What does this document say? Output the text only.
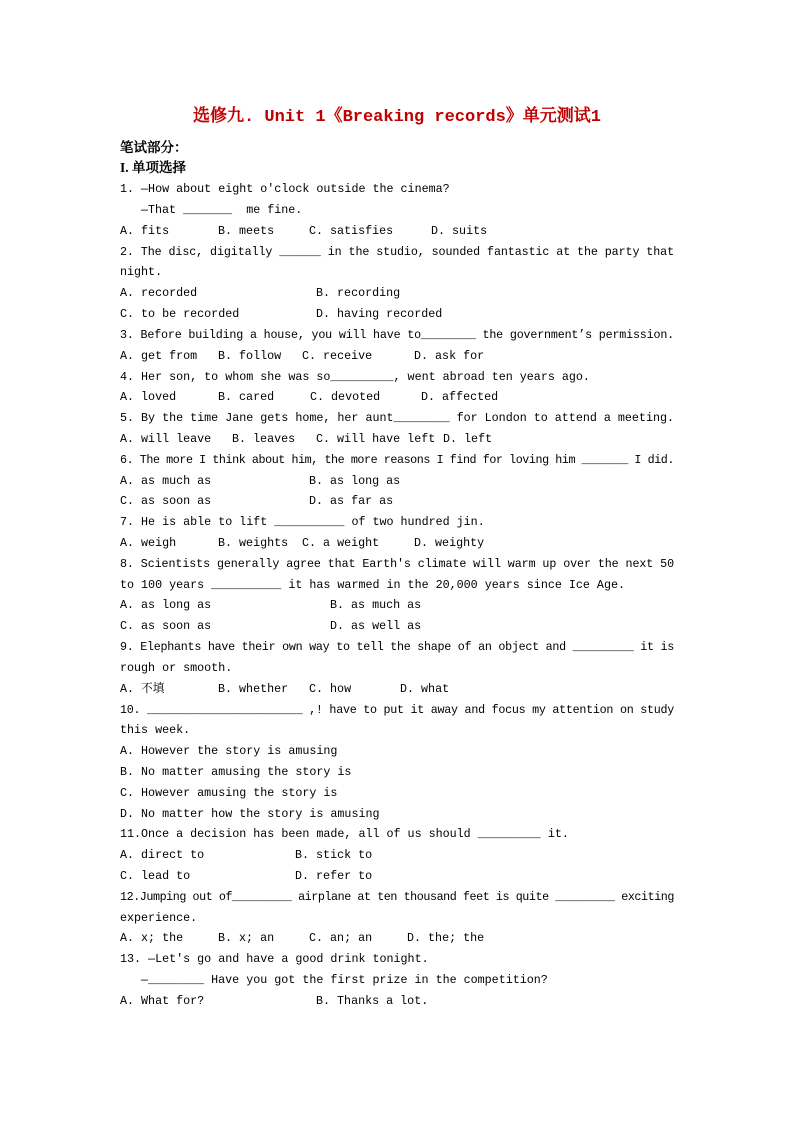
选修九. Unit 1《Breaking records》单元测试1
笔试部分：
I. 单项选择
1. —How about eight o'clock outside the cinema?
—That _______  me fine.
A. fits	B. meets	C. satisfies	D. suits
2. The disc, digitally ______ in the studio, sounded fantastic at the party that
night.
A. recorded	B. recording
C. to be recorded	D. having recorded
3. Before building a house, you will have to________ the government’s permission.
A. get from B. follow C. receive	D. ask for
4. Her son, to whom she was so_________, went abroad ten years ago.
A. loved	B. cared	C. devoted	D. affected
5. By the time Jane gets home, her aunt________ for London to attend a meeting.
A. will leave B. leaves C. will have left D. left
6. The more I think about him, the more reasons I find for loving him _______ I did.
A. as much as	B. as long as
C. as soon as	D. as far as
7. He is able to lift __________ of two hundred jin.
A. weigh	B. weights C. a weight	D. weighty
8. Scientists generally agree that Earth's climate will warm up over the next 50
to 100 years __________ it has warmed in the 20,000 years since Ice Age.
A. as long as	B. as much as
C. as soon as	D. as well as
9. Elephants have their own way to tell the shape of an object and _________ it is
rough or smooth.
A. 不填	B. whether C. how	D. what
10. _______________________ ,! have to put it away and focus my attention on study
this week.
A. However the story is amusing
B. No matter amusing the story is
C. However amusing the story is
D. No matter how the story is amusing
11.Once a decision has been made, all of us should _________ it.
A. direct to	B. stick to
C. lead to	D. refer to
12.Jumping out of_________ airplane at ten thousand feet is quite _________ exciting
experience.
A. x; the	B. x; an	C. an; an	D. the; the
13. —Let's go and have a good drink tonight.
—________ Have you got the first prize in the competition?
A. What for?	B. Thanks a lot.
